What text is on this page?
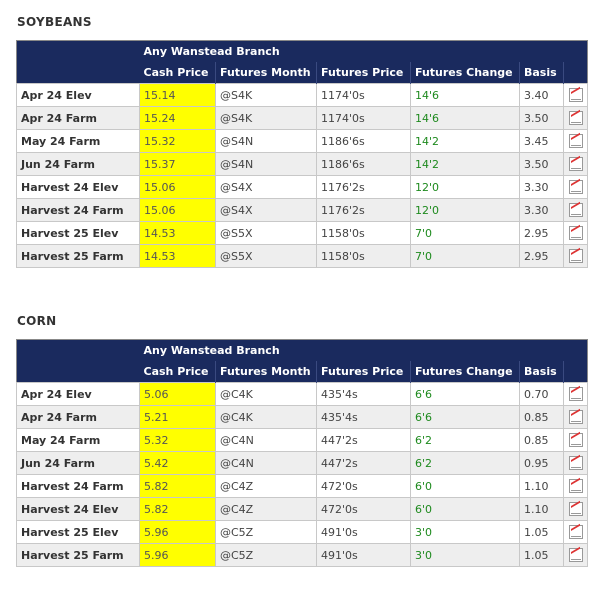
SOYBEANS
	Any Wanstead Branch					
	Cash Price	Futures Month	Futures Price	Futures Change	Basis	
Apr 24 Elev	15.14	@S4K	1174'0s	14'6	3.40	
Apr 24 Farm	15.24	@S4K	1174'0s	14'6	3.50	
May 24 Farm	15.32	@S4N	1186'6s	14'2	3.45	
Jun 24 Farm	15.37	@S4N	1186'6s	14'2	3.50	
Harvest 24 Elev	15.06	@S4X	1176'2s	12'0	3.30	
Harvest 24 Farm	15.06	@S4X	1176'2s	12'0	3.30	
Harvest 25 Elev	14.53	@S5X	1158'0s	7'0	2.95	
Harvest 25 Farm	14.53	@S5X	1158'0s	7'0	2.95	
CORN
	Any Wanstead Branch					
	Cash Price	Futures Month	Futures Price	Futures Change	Basis	
Apr 24 Elev	5.06	@C4K	435'4s	6'6	0.70	
Apr 24 Farm	5.21	@C4K	435'4s	6'6	0.85	
May 24 Farm	5.32	@C4N	447'2s	6'2	0.85	
Jun 24 Farm	5.42	@C4N	447'2s	6'2	0.95	
Harvest 24 Farm	5.82	@C4Z	472'0s	6'0	1.10	
Harvest 24 Elev	5.82	@C4Z	472'0s	6'0	1.10	
Harvest 25 Elev	5.96	@C5Z	491'0s	3'0	1.05	
Harvest 25 Farm	5.96	@C5Z	491'0s	3'0	1.05	
